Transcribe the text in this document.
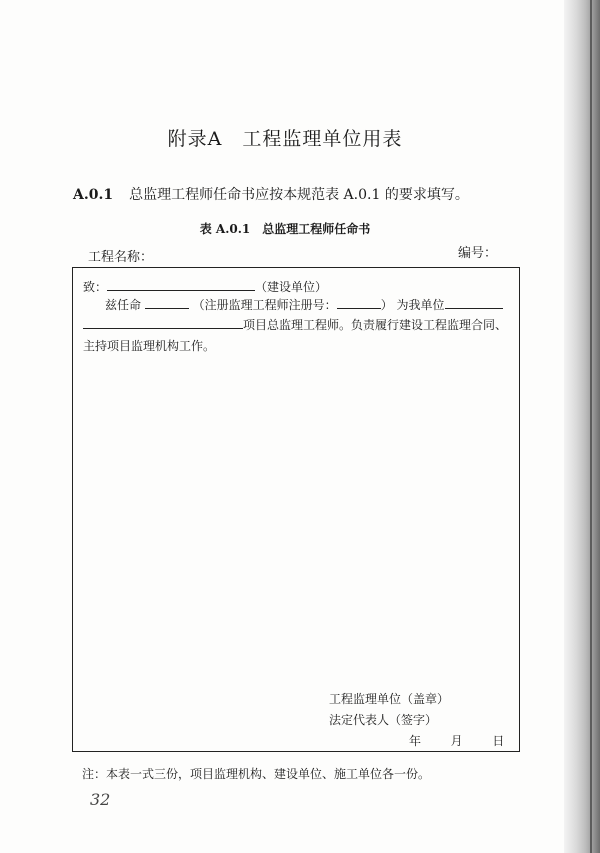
附录A　工程监理单位用表
A.0.1 总监理工程师任命书应按本规范表 A.0.1 的要求填写。
表 A.0.1　总监理工程师任命书
工程名称：	编号：
致：	（建设单位）
兹任命	（注册监理工程师注册号：	） 为我单位
项目总监理工程师。负责履行建设工程监理合同、
主持项目监理机构工作。
工程监理单位（盖章）
法定代表人（签字）
年 月 日
注：本表一式三份，项目监理机构、建设单位、施工单位各一份。
32
